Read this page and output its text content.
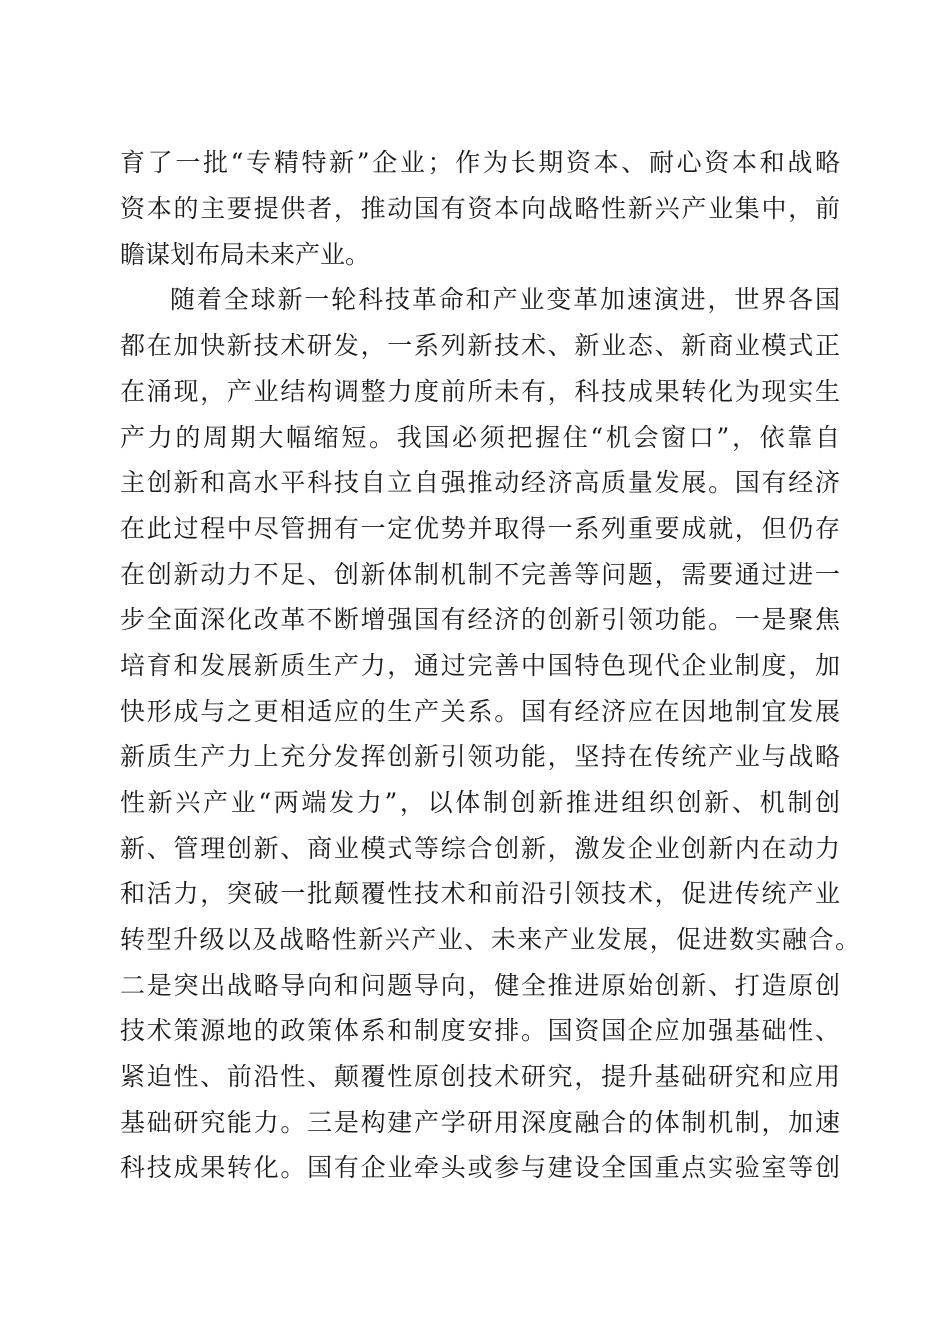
育了一批“专精特新”企业；作为长期资本、耐心资本和战略
资本的主要提供者，推动国有资本向战略性新兴产业集中，前
瞻谋划布局未来产业。
随着全球新一轮科技革命和产业变革加速演进，世界各国
都在加快新技术研发，一系列新技术、新业态、新商业模式正
在涌现，产业结构调整力度前所未有，科技成果转化为现实生
产力的周期大幅缩短。我国必须把握住“机会窗口”，依靠自
主创新和高水平科技自立自强推动经济高质量发展。国有经济
在此过程中尽管拥有一定优势并取得一系列重要成就，但仍存
在创新动力不足、创新体制机制不完善等问题，需要通过进一
步全面深化改革不断增强国有经济的创新引领功能。一是聚焦
培育和发展新质生产力，通过完善中国特色现代企业制度，加
快形成与之更相适应的生产关系。国有经济应在因地制宜发展
新质生产力上充分发挥创新引领功能，坚持在传统产业与战略
性新兴产业“两端发力”，以体制创新推进组织创新、机制创
新、管理创新、商业模式等综合创新，激发企业创新内在动力
和活力，突破一批颠覆性技术和前沿引领技术，促进传统产业
转型升级以及战略性新兴产业、未来产业发展，促进数实融合。
二是突出战略导向和问题导向，健全推进原始创新、打造原创
技术策源地的政策体系和制度安排。国资国企应加强基础性、
紧迫性、前沿性、颠覆性原创技术研究，提升基础研究和应用
基础研究能力。三是构建产学研用深度融合的体制机制，加速
科技成果转化。国有企业牵头或参与建设全国重点实验室等创
